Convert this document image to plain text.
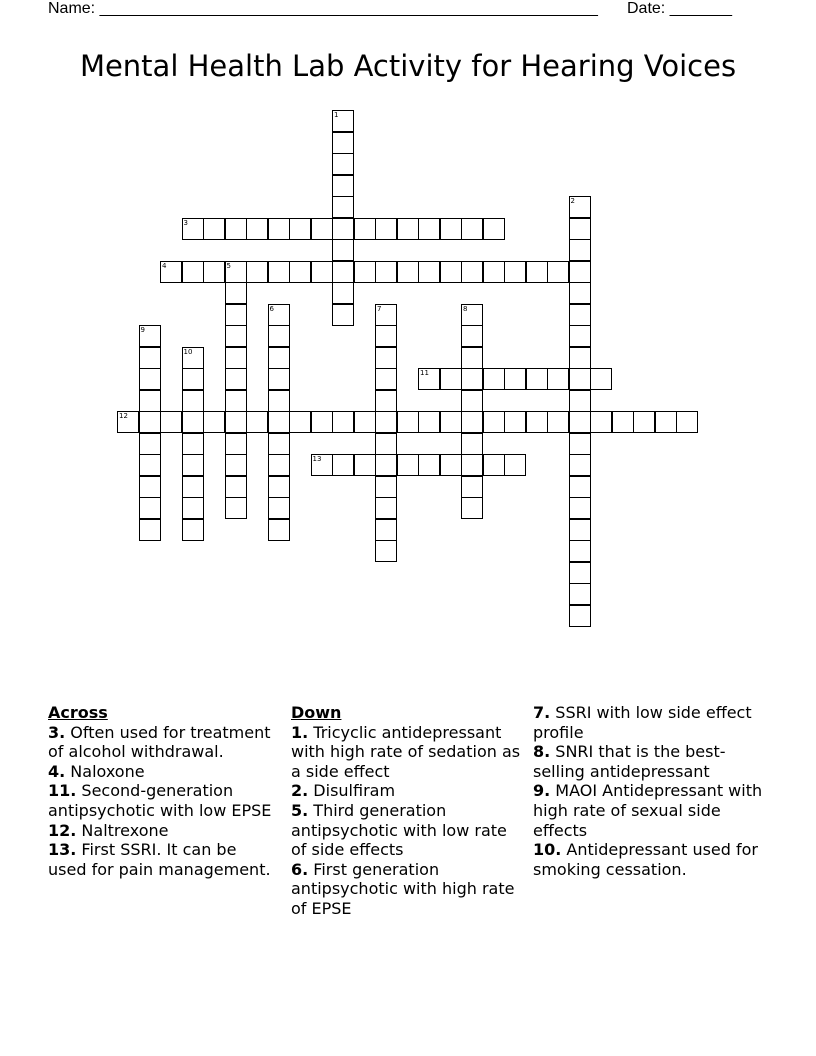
Name: ________________________________________________________ Date: _______
Mental Health Lab Activity for Hearing Voices
1
2
3
4	5
6	7	8
9
10
11
12
13
Across
3. Often used for treatment of alcohol withdrawal.
4. Naloxone
11. Second-generation antipsychotic with low EPSE
12. Naltrexone
13. First SSRI. It can be used for pain management.
Down
1. Tricyclic antidepressant with high rate of sedation as a side effect
2. Disulfiram
5. Third generation antipsychotic with low rate of side effects
6. First generation antipsychotic with high rate of EPSE
7. SSRI with low side effect profile
8. SNRI that is the best-selling antidepressant
9. MAOI Antidepressant with high rate of sexual side effects
10. Antidepressant used for smoking cessation.
